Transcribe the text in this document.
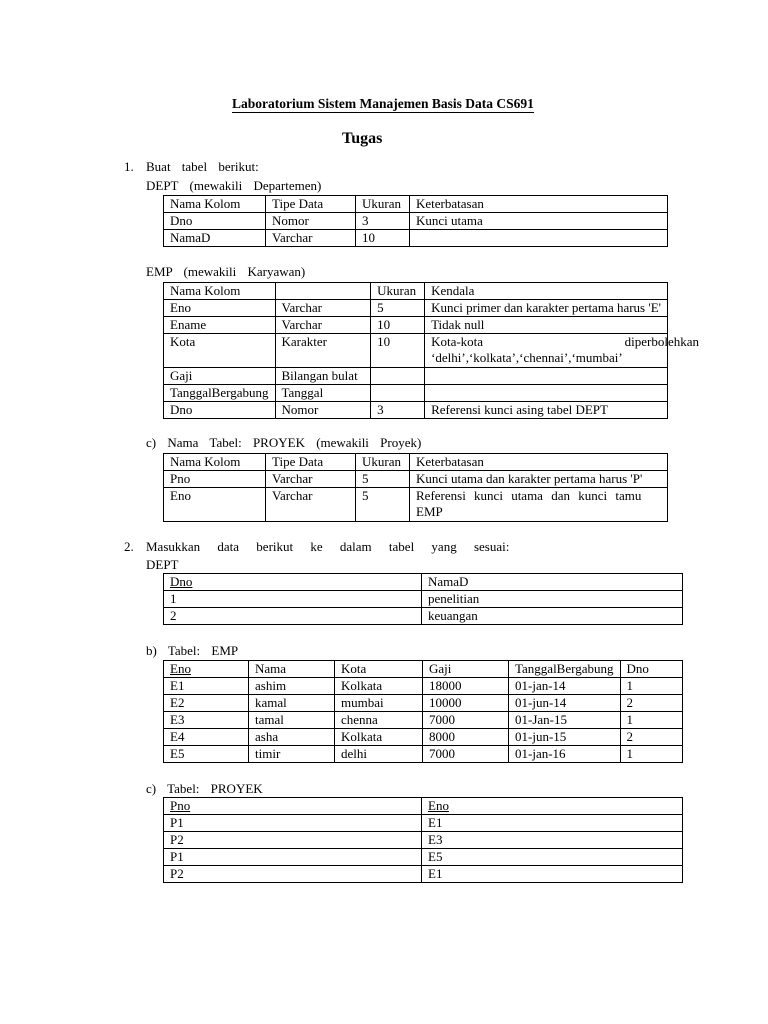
Laboratorium Sistem Manajemen Basis Data CS691
Tugas
1. Buat tabel berikut:
DEPT (mewakili Departemen)
Nama Kolom	Tipe Data	Ukuran	Keterbatasan
Dno	Nomor	3	Kunci utama
NamaD	Varchar	10	
EMP (mewakili Karyawan)
Nama Kolom		Ukuran	Kendala
Eno	Varchar	5	Kunci primer dan karakter pertama harus 'E'
Ename	Varchar	10	Tidak null
Kota	Karakter	10	Kota-kota diperbolehkan
‘delhi’,‘kolkata’,‘chennai’,‘mumbai’

Gaji	Bilangan bulat		
TanggalBergabung	Tanggal		
Dno	Nomor	3	Referensi kunci asing tabel DEPT
c) Nama Tabel: PROYEK (mewakili Proyek)
Nama Kolom	Tipe Data	Ukuran	Keterbatasan
Pno	Varchar	5	Kunci utama dan karakter pertama harus 'P'
Eno	Varchar	5	Referensi kunci utama dan kunci tamu
EMP
2. Masukkan data berikut ke dalam tabel yang sesuai:
DEPT
Dno	NamaD
1	penelitian
2	keuangan
b) Tabel: EMP
Eno	Nama	Kota	Gaji	TanggalBergabung	Dno
E1	ashim	Kolkata	18000	01-jan-14	1
E2	kamal	mumbai	10000	01-jun-14	2
E3	tamal	chenna	7000	01-Jan-15	1
E4	asha	Kolkata	8000	01-jun-15	2
E5	timir	delhi	7000	01-jan-16	1
c) Tabel: PROYEK
Pno	Eno
P1	E1
P2	E3
P1	E5
P2	E1
